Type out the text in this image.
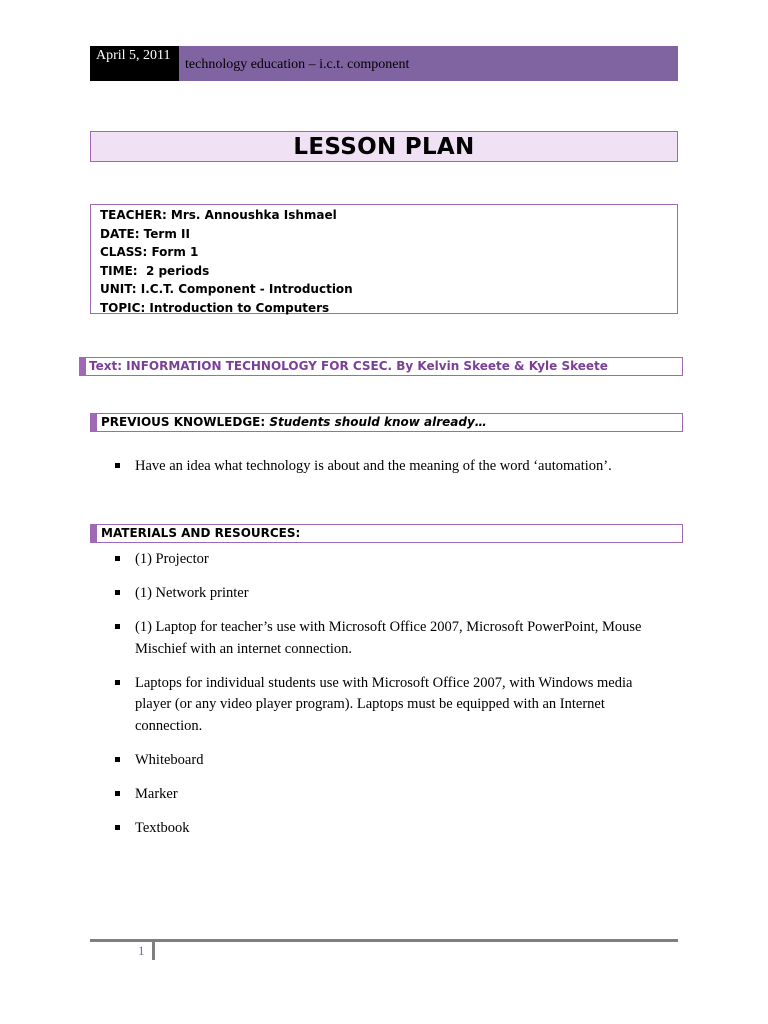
April 5, 2011
technology education – i.c.t. component
LESSON PLAN
TEACHER: Mrs. Annoushka Ishmael
DATE: Term II
CLASS: Form 1
TIME:  2 periods
UNIT: I.C.T. Component - Introduction
TOPIC: Introduction to Computers
Text: INFORMATION TECHNOLOGY FOR CSEC. By Kelvin Skeete & Kyle Skeete
PREVIOUS KNOWLEDGE: Students should know already…
Have an idea what technology is about and the meaning of the word ‘automation’.
MATERIALS AND RESOURCES:
(1) Projector
(1) Network printer
(1) Laptop for teacher’s use with Microsoft Office 2007, Microsoft PowerPoint, Mouse Mischief with an internet connection.
Laptops for individual students use with Microsoft Office 2007, with Windows media player (or any video player program). Laptops must be equipped with an Internet connection.
Whiteboard
Marker
Textbook
1
